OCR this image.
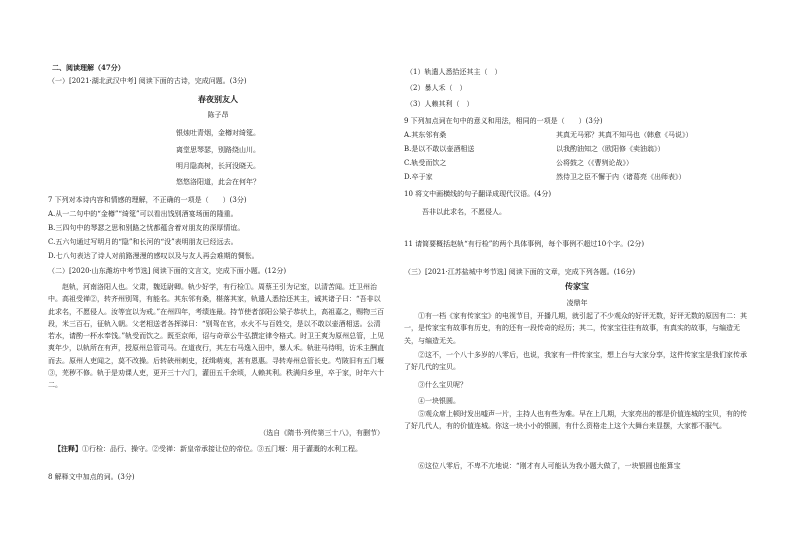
二、阅读理解（47分）
（一）[2021·湖北武汉中考] 阅读下面的古诗，完成问题。(3分)
春夜别友人
陈子昂
银烛吐青烟，金樽对绮筵。
离堂思琴瑟，别路绕山川。
明月隐高树，长河没晓天。
悠悠洛阳道，此会在何年？
7 下列对本诗内容和情感的理解，不正确的一项是（　　）(3分)
A.从一二句中的“金樽”“绮筵”可以看出饯别酒宴场面的隆重。
B.三四句中的琴瑟之思和别路之忧都蕴含着对朋友的深厚情谊。
C.五六句通过写明月的“隐”和长河的“没”表明朋友已经远去。
D.七八句表达了诗人对前路漫漫的感叹以及与友人再会难期的惆怅。
（二）[2020·山东潍坊中考节选] 阅读下面的文言文，完成下面小题。(12分)
赵轨，河南洛阳人也。父肃，魏廷尉卿。轨少好学，有行检①。周蔡王引为记室，以清苦闻。迁卫州治中。高祖受禅②，转齐州别驾，有能名。其东邻有桑，椹落其家，轨遣人悉拾还其主，诫其诸子曰：“吾非以此求名，不愿侵人。汝等宜以为戒。”在州四年，考绩连最。持节使者郃阳公梁子恭状上，高祖嘉之，赐物三百段，米三百石，征轨入朝。父老相送者各挥涕曰：“别驾在官，水火不与百姓交，是以不敢以壶酒相送。公清若水，请酌一杯水奉饯。”轨受而饮之。既至京师，诏与奇章公牛弘撰定律令格式。时卫王爽为原州总管，上见爽年少，以轨所在有声，授原州总管司马。在道夜行，其左右马逸入田中，暴人禾。轨驻马待明，访禾主酬直而去。原州人吏闻之，莫不改操。后转硖州刺史，抚缉萌夷，甚有恩惠。寻转寿州总管长史。芍陂旧有五门堰③，芜秽不修。轨于是劝课人吏，更开三十六门，灌田五千余顷，人赖其利。秩满归乡里，卒于家，时年六十二。
（选自《隋书·列传第三十八》，有删节）
【注释】①行检：品行、操守。②受禅：新皇帝承接让位的帝位。③五门堰：用于灌溉的水利工程。
8 解释文中加点的词。(3分)
（1）轨遣人悉拾还其主（　）
（2）暴人禾（　）
（3）人赖其利（　）
9 下列加点词在句中的意义和用法，相同的一项是（　　）(3分)
A.其东邻有桑	其真无马邪？其真不知马也（韩愈《马说》）
B.是以不敢以壶酒相送	以我酌油知之（欧阳修《卖油翁》）
C.轨受而饮之	公将鼓之（《曹刿论战》）
D.卒于家	然侍卫之臣不懈于内（诸葛亮《出师表》）
10 将文中画横线的句子翻译成现代汉语。(4分)
吾非以此求名，不愿侵人。
11 请简要概括赵轨“有行检”的两个具体事例，每个事例不超过10个字。(2分)
（三）[2021·江苏盐城中考节选] 阅读下面的文章，完成下列各题。(16分)
传家宝
凌鼎年
①有一档《家有传家宝》的电视节目，开播几期，就引起了不少观众的好评无数，好评无数的原因有二：其一，是传家宝有故事有历史，有的还有一段传奇的经历；其二，传家宝往往有故事，有真实的故事，与编造无关，与编造无关。
②这不，一个八十多岁的八零后，也说，我家有一件传家宝，想上台与大家分享，这件传家宝是我们家传承了好几代的宝贝。
③什么宝贝呢？
④一块银圆。
⑤观众席上顿时发出嘘声一片，主持人也有些为难。早在上几期，大家亮出的都是价值连城的宝贝，有的传了好几代人，有的价值连城。你这一块小小的银圆，有什么资格走上这个大舞台来显摆，大家都不服气。
⑥这位八零后，不卑不亢地说：“刚才有人可能认为我小题大做了，一块银圆也能算宝
